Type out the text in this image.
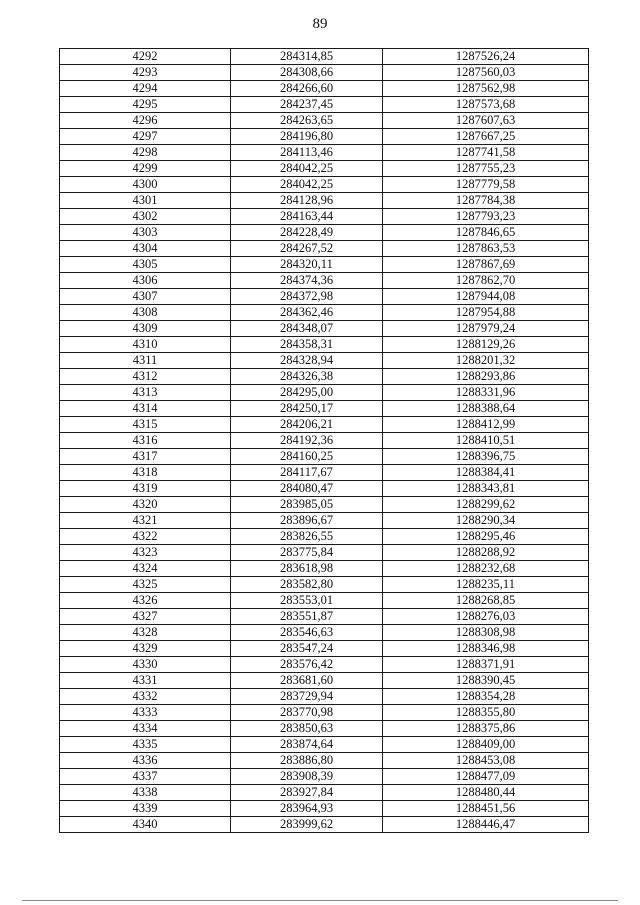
89
4292	284314,85	1287526,24
4293	284308,66	1287560,03
4294	284266,60	1287562,98
4295	284237,45	1287573,68
4296	284263,65	1287607,63
4297	284196,80	1287667,25
4298	284113,46	1287741,58
4299	284042,25	1287755,23
4300	284042,25	1287779,58
4301	284128,96	1287784,38
4302	284163,44	1287793,23
4303	284228,49	1287846,65
4304	284267,52	1287863,53
4305	284320,11	1287867,69
4306	284374,36	1287862,70
4307	284372,98	1287944,08
4308	284362,46	1287954,88
4309	284348,07	1287979,24
4310	284358,31	1288129,26
4311	284328,94	1288201,32
4312	284326,38	1288293,86
4313	284295,00	1288331,96
4314	284250,17	1288388,64
4315	284206,21	1288412,99
4316	284192,36	1288410,51
4317	284160,25	1288396,75
4318	284117,67	1288384,41
4319	284080,47	1288343,81
4320	283985,05	1288299,62
4321	283896,67	1288290,34
4322	283826,55	1288295,46
4323	283775,84	1288288,92
4324	283618,98	1288232,68
4325	283582,80	1288235,11
4326	283553,01	1288268,85
4327	283551,87	1288276,03
4328	283546,63	1288308,98
4329	283547,24	1288346,98
4330	283576,42	1288371,91
4331	283681,60	1288390,45
4332	283729,94	1288354,28
4333	283770,98	1288355,80
4334	283850,63	1288375,86
4335	283874,64	1288409,00
4336	283886,80	1288453,08
4337	283908,39	1288477,09
4338	283927,84	1288480,44
4339	283964,93	1288451,56
4340	283999,62	1288446,47
